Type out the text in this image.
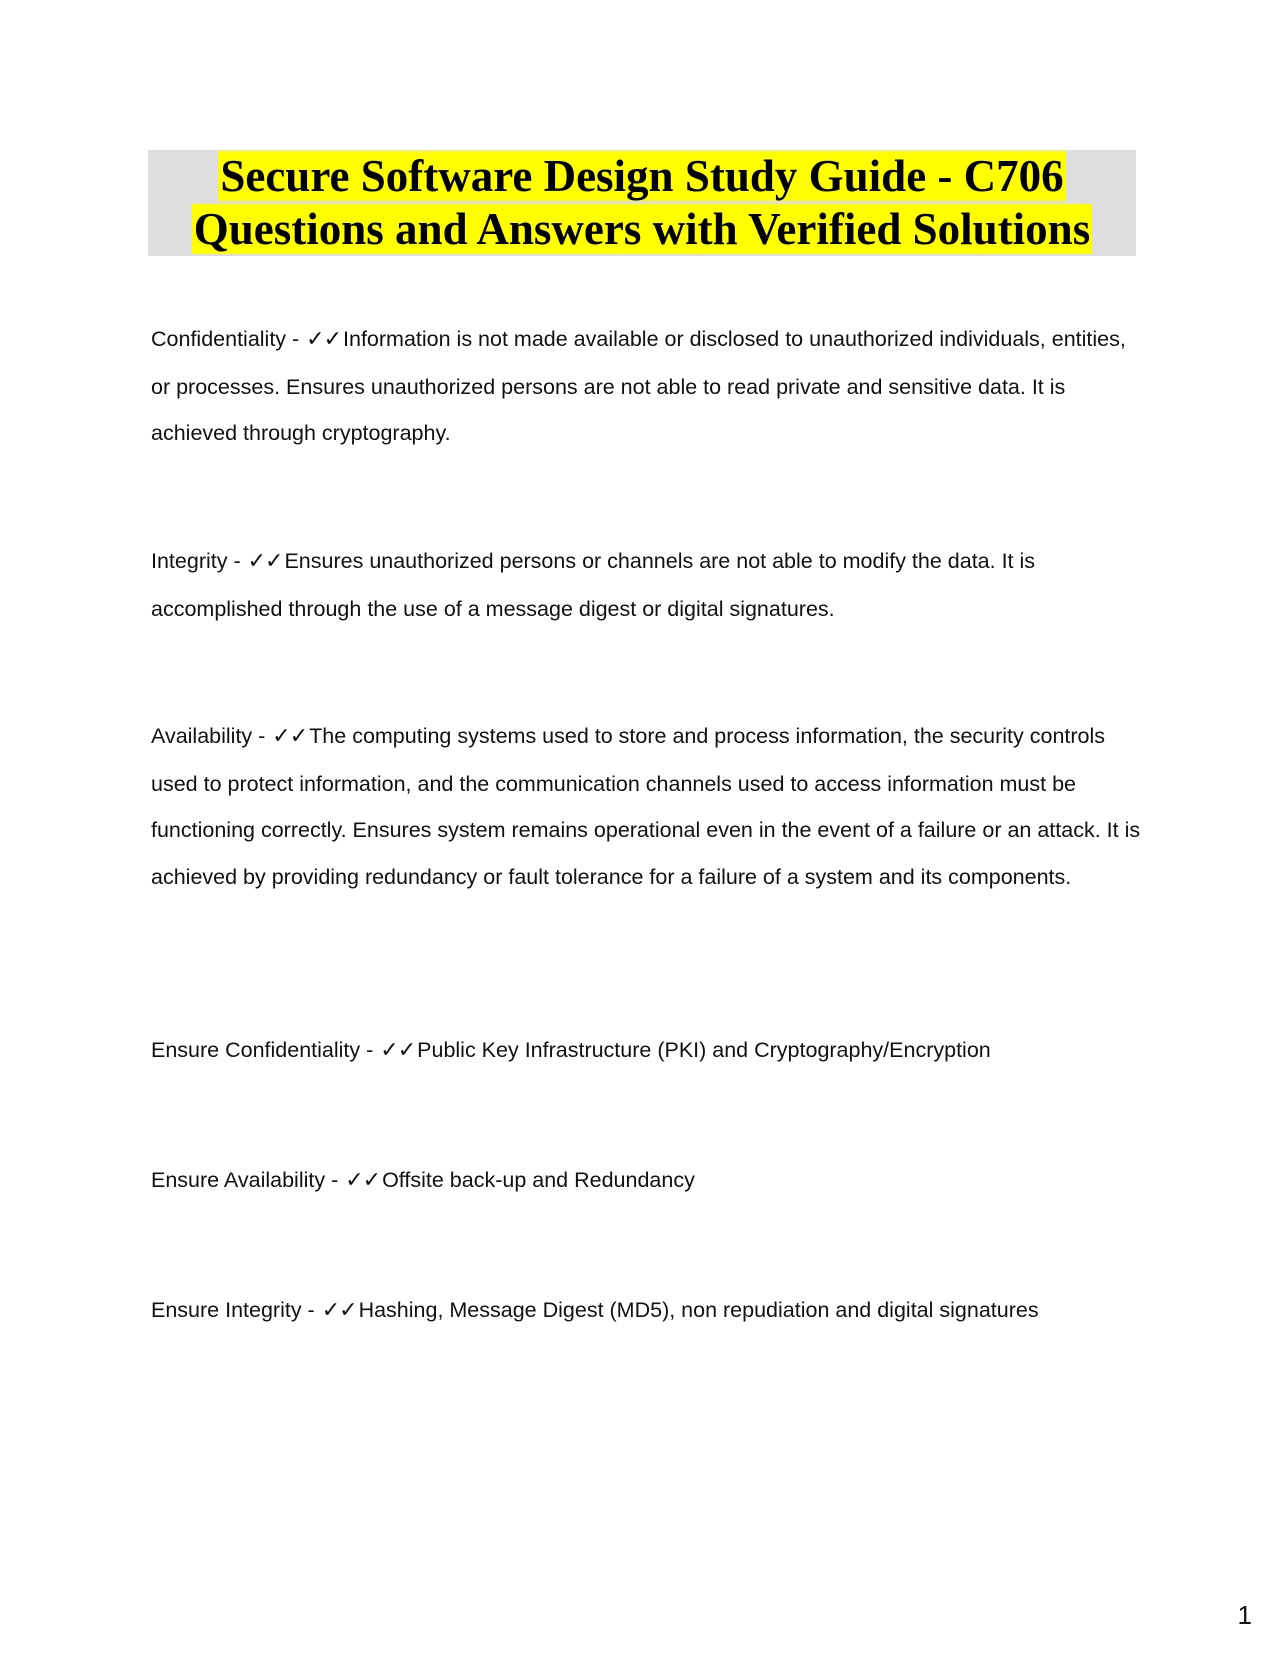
Secure Software Design Study Guide - C706
Questions and Answers with Verified Solutions

Confidentiality - ✓✓Information is not made available or disclosed to unauthorized individuals, entities, or processes. Ensures unauthorized persons are not able to read private and sensitive data. It is achieved through cryptography.

Integrity - ✓✓Ensures unauthorized persons or channels are not able to modify the data. It is accomplished through the use of a message digest or digital signatures.

Availability - ✓✓The computing systems used to store and process information, the security controls used to protect information, and the communication channels used to access information must be functioning correctly. Ensures system remains operational even in the event of a failure or an attack. It is achieved by providing redundancy or fault tolerance for a failure of a system and its components.

Ensure Confidentiality - ✓✓Public Key Infrastructure (PKI) and Cryptography/Encryption

Ensure Availability - ✓✓Offsite back-up and Redundancy

Ensure Integrity - ✓✓Hashing, Message Digest (MD5), non repudiation and digital signatures

1
